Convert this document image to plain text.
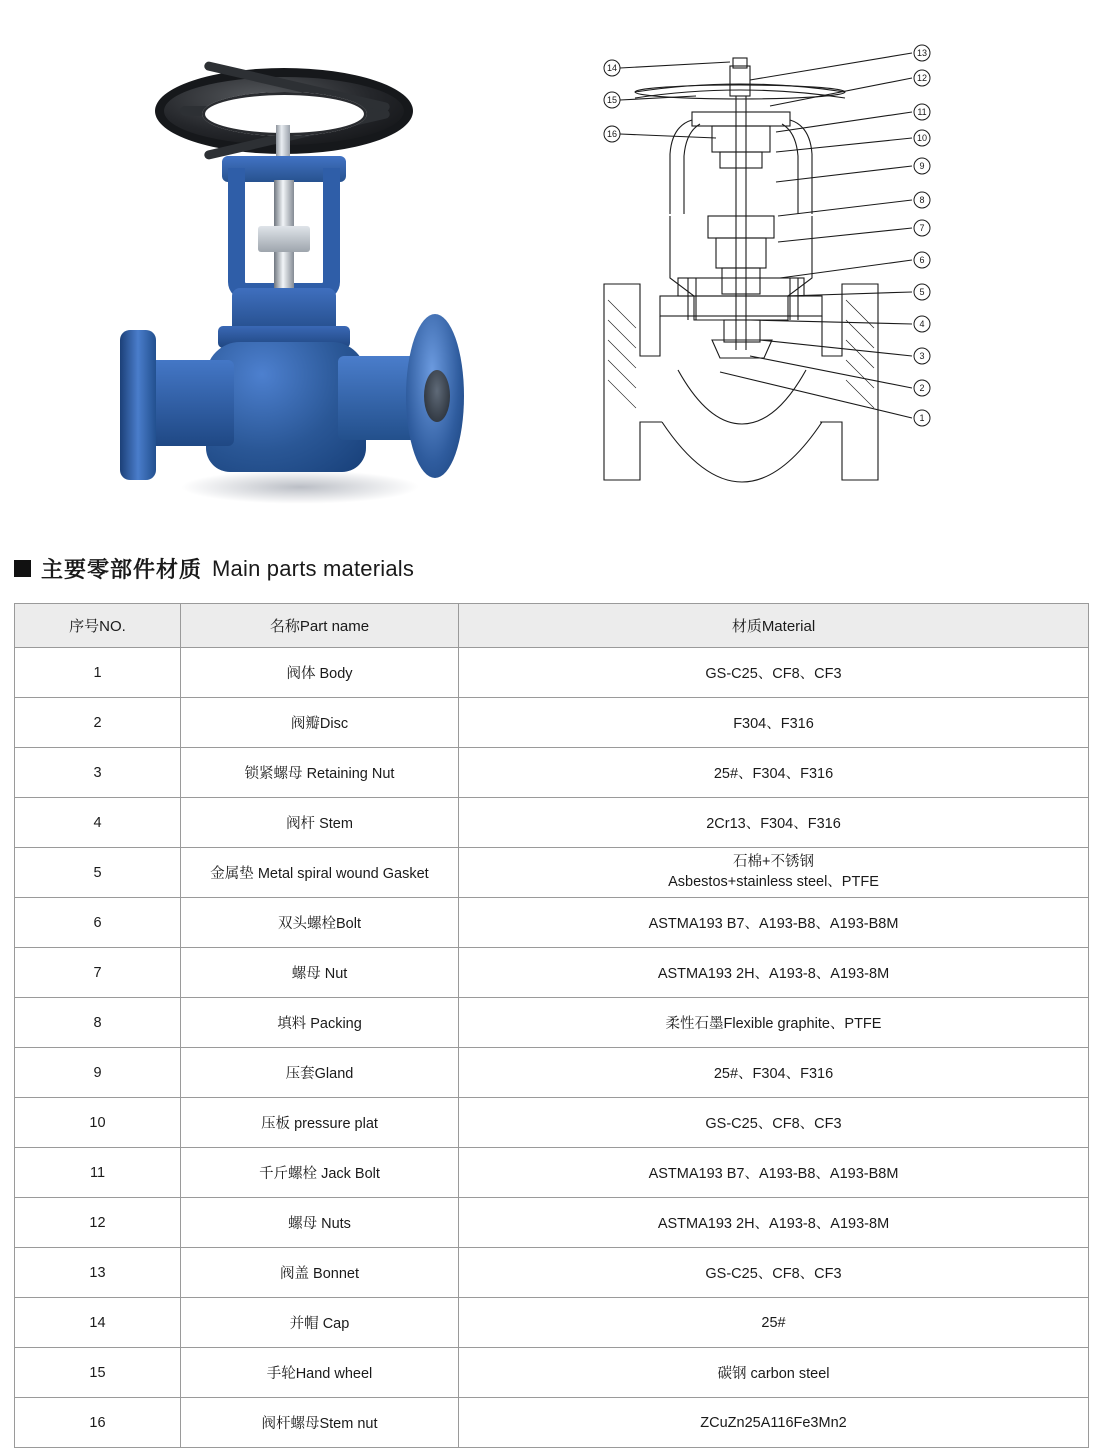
13
12
11
10
9
8
7
6
5
4
3
2
1
14
15
16
主要零部件材质 Main parts materials
序号NO.	名称Part name	材质Material
1	阀体 Body	GS-C25、CF8、CF3
2	阀瓣Disc	F304、F316
3	锁紧螺母 Retaining Nut	25#、F304、F316
4	阀杆 Stem	2Cr13、F304、F316
5	金属垫 Metal spiral wound Gasket	石棉+不锈钢
Asbestos+stainless steel、PTFE
6	双头螺栓Bolt	ASTMA193 B7、A193-B8、A193-B8M
7	螺母 Nut	ASTMA193 2H、A193-8、A193-8M
8	填料 Packing	柔性石墨Flexible graphite、PTFE
9	压套Gland	25#、F304、F316
10	压板 pressure plat	GS-C25、CF8、CF3
11	千斤螺栓 Jack Bolt	ASTMA193 B7、A193-B8、A193-B8M
12	螺母 Nuts	ASTMA193 2H、A193-8、A193-8M
13	阀盖 Bonnet	GS-C25、CF8、CF3
14	并帽 Cap	25#
15	手轮Hand wheel	碳钢 carbon steel
16	阀杆螺母Stem nut	ZCuZn25A116Fe3Mn2
